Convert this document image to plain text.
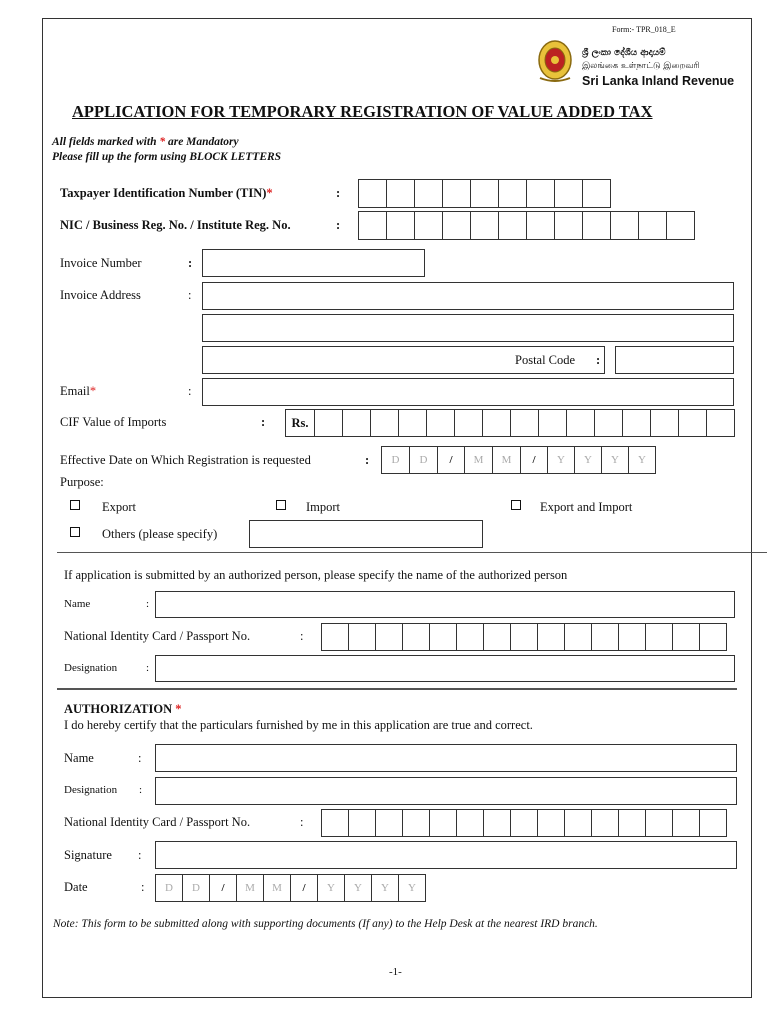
Form:- TPR_018_E
ශ්‍රී ලංකා දේශීය ආදායම්
இலங்கை உள்நாட்டு இறைவரி
Sri Lanka Inland Revenue
APPLICATION FOR TEMPORARY REGISTRATION OF VALUE ADDED TAX
All fields marked with * are Mandatory
Please fill up the form using BLOCK LETTERS
Taxpayer Identification Number (TIN)*	:
NIC / Business Reg. No. / Institute Reg. No.	:
Invoice Number	:
Invoice Address	:
Postal Code :
Email*	:
CIF Value of Imports	:	Rs.
Effective Date on Which Registration is requested	:	D	D	/	M	M	/	Y	Y	Y	Y
Purpose:
Export	Import	Export and Import
Others (please specify)
If application is submitted by an authorized person, please specify the name of the authorized person
Name	:
National Identity Card / Passport No.	:
Designation	:
AUTHORIZATION *
I do hereby certify that the particulars furnished by me in this application are true and correct.
Name	:
Designation :
National Identity Card / Passport No.	:
Signature :
Date	:	D	D	/	M	M	/	Y	Y	Y	Y
Note: This form to be submitted along with supporting documents (If any) to the Help Desk at the nearest IRD branch.
-1-
